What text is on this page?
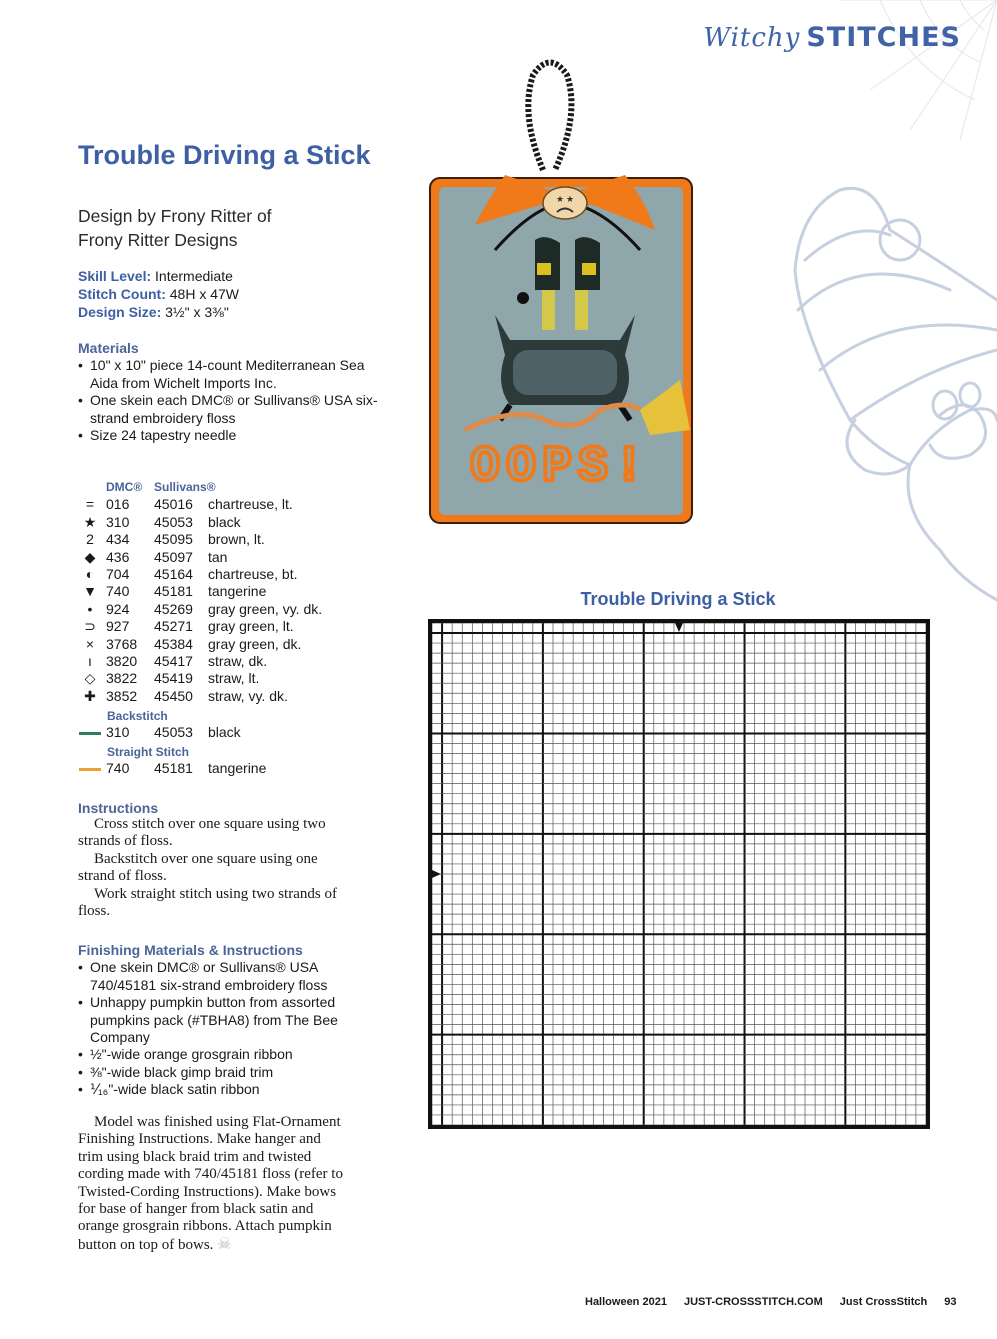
Witchy STITCHES
Trouble Driving a Stick
Design by Frony Ritter of
Frony Ritter Designs
Skill Level: Intermediate
Stitch Count: 48H x 47W
Design Size: 3½" x 3⅜"
Materials
• 10" x 10" piece 14-count Mediterranean Sea Aida from Wichelt Imports Inc.
• One skein each DMC® or Sullivans® USA six-strand embroidery floss
• Size 24 tapestry needle
DMC® Sullivans®
= 016	45016	chartreuse, lt.
★ 310	45053	black
2 434	45095	brown, lt.
◆ 436	45097	tan
◐ 704	45164	chartreuse, bt.
▼ 740	45181	tangerine
• 924	45269	gray green, vy. dk.
⊃ 927	45271	gray green, lt.
× 3768	45384	gray green, dk.
ı	3820	45417	straw, dk.
◇ 3822	45419	straw, lt.
✚ 3852	45450	straw, vy. dk.
Backstitch
310	45053	black
Straight Stitch
740	45181	tangerine
Instructions
Cross stitch over one square using two strands of floss.
Backstitch over one square using one strand of floss.
Work straight stitch using two strands of floss.
Finishing Materials & Instructions
• One skein DMC® or Sullivans® USA 740/45181 six-strand embroidery floss
• Unhappy pumpkin button from assorted pumpkins pack (#TBHA8) from The Bee Company
• ½"-wide orange grosgrain ribbon
• ⅜"-wide black gimp braid trim
• ⅟₁₆"-wide black satin ribbon
Model was finished using Flat-Ornament Finishing Instructions. Make hanger and trim using black braid trim and twisted cording made with 740/45181 floss (refer to Twisted-Cording Instructions). Make bows for base of hanger from black satin and orange grosgrain ribbons. Attach pumpkin button on top of bows. ☠
★ ★
OOPS!
Trouble Driving a Stick
Halloween 2021 JUST-CROSSSTITCH.COM Just CrossStitch 93
